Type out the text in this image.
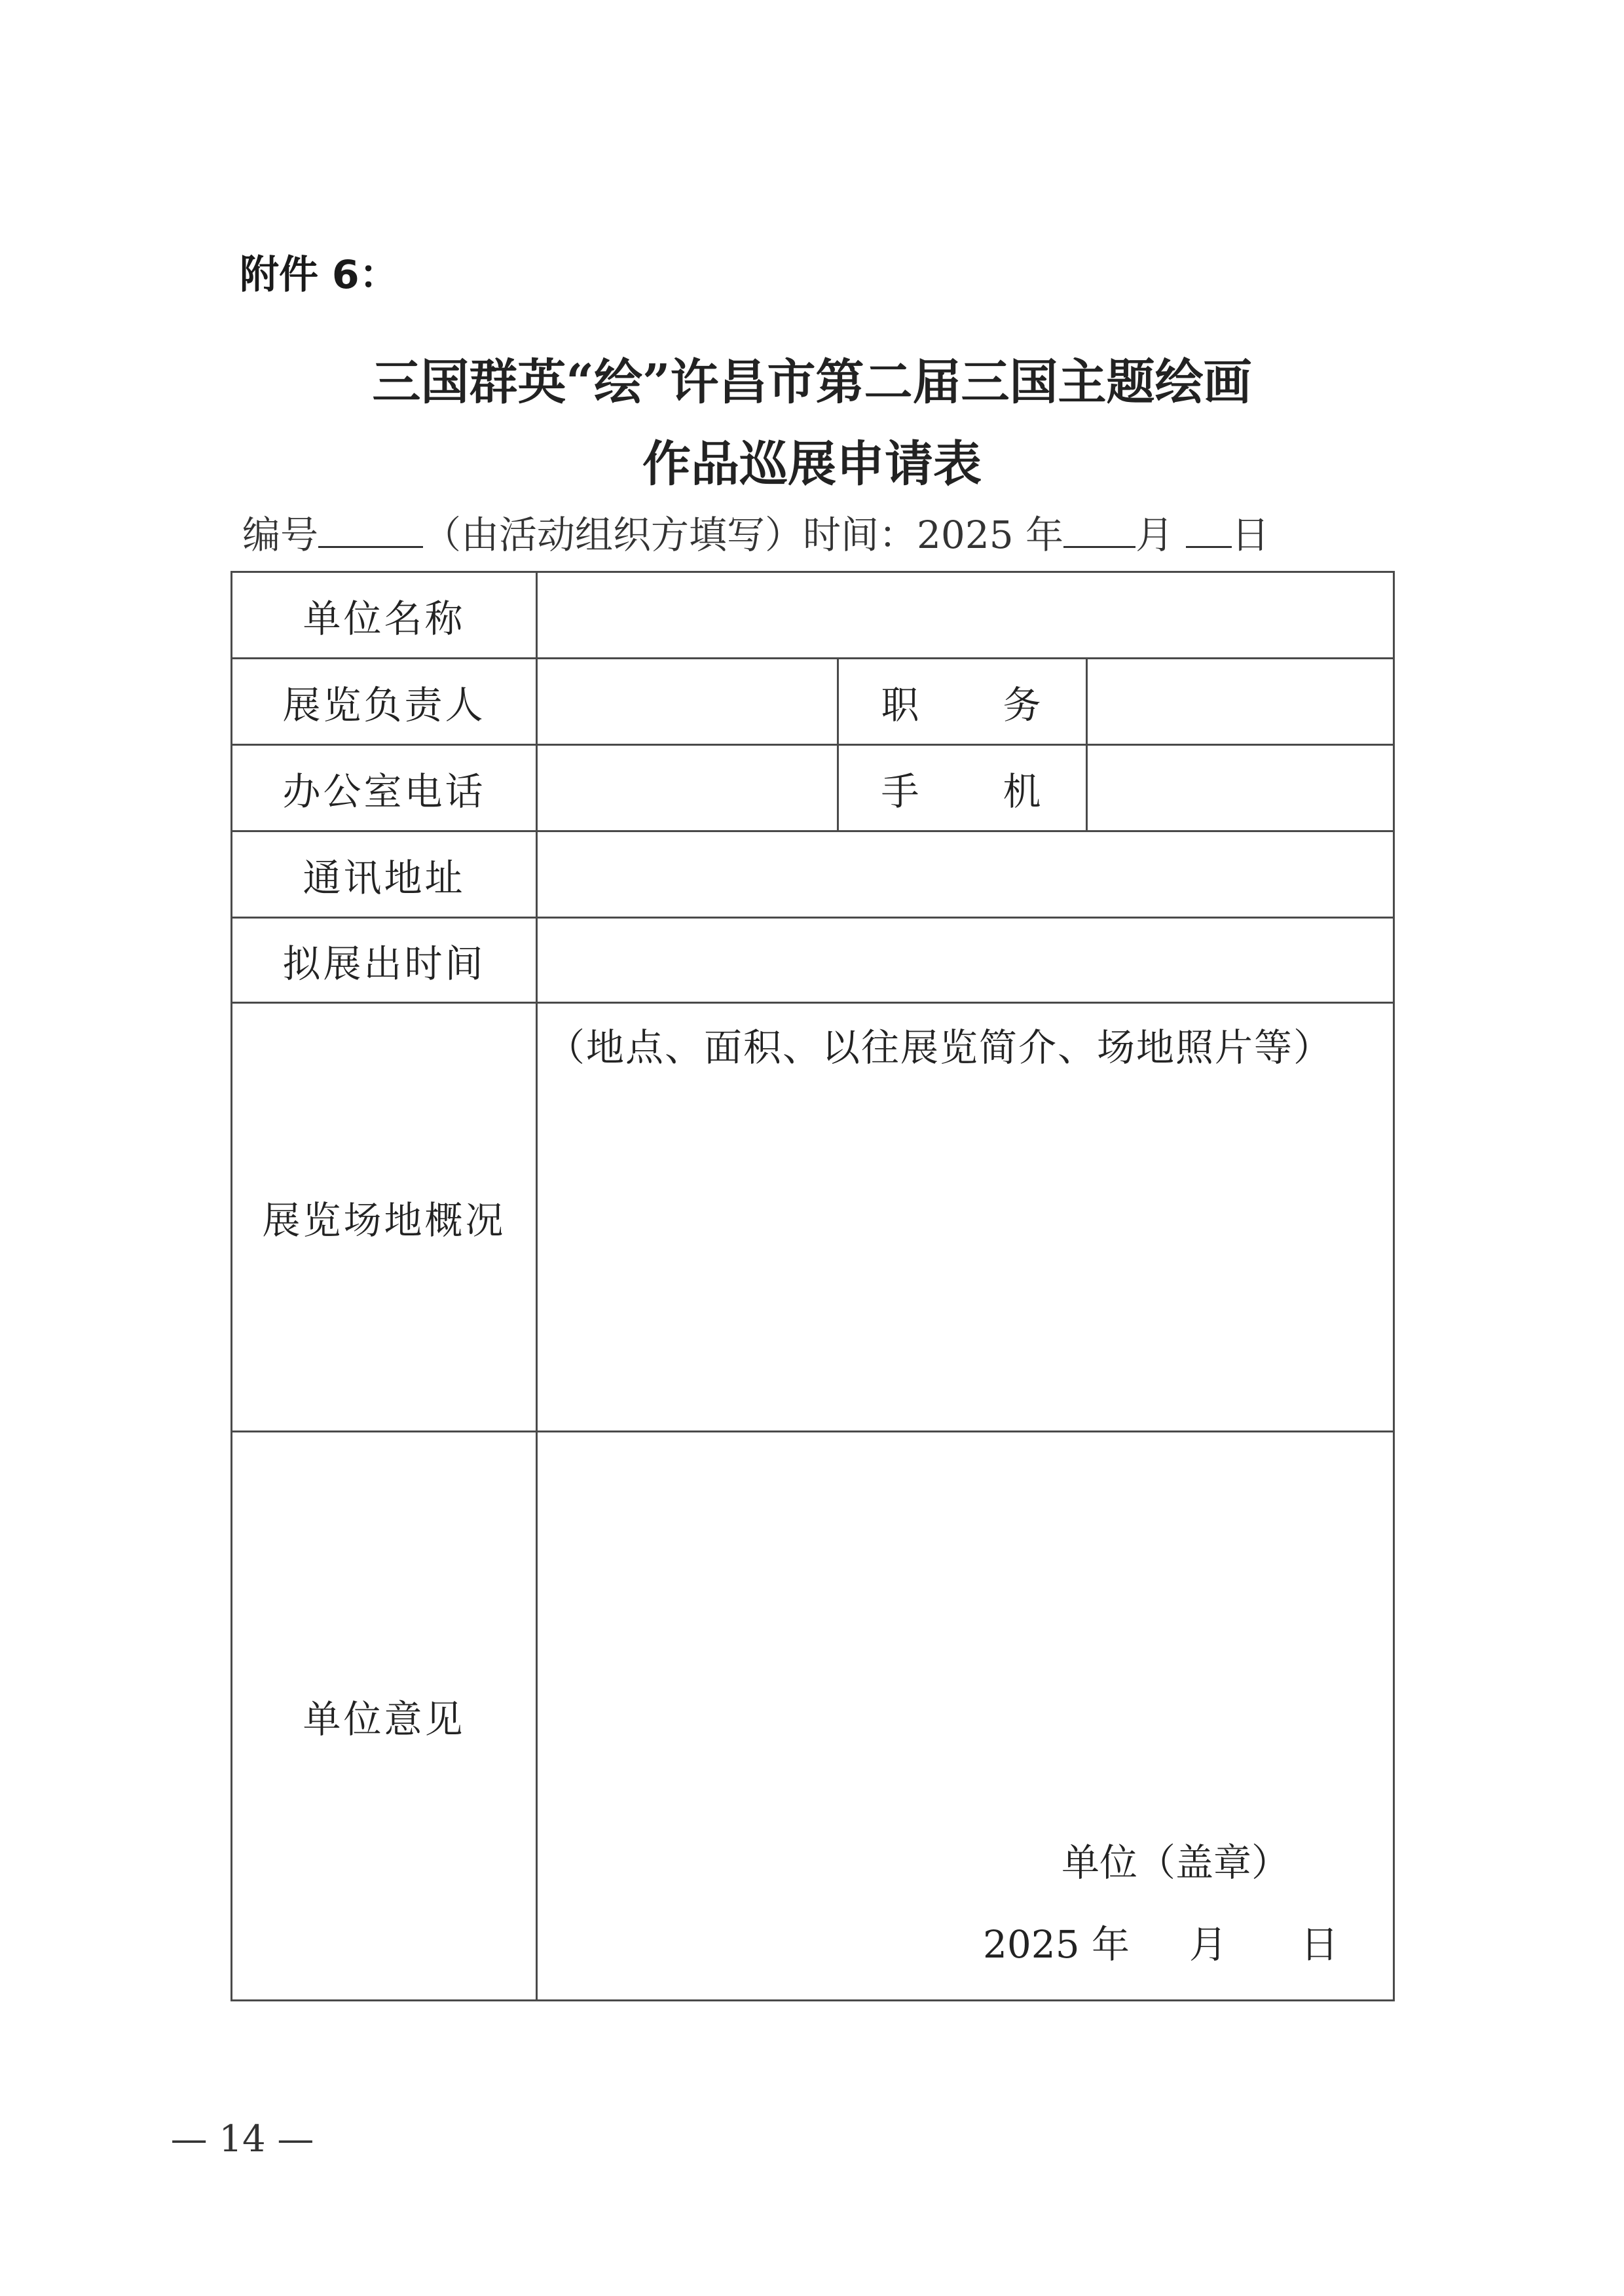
附件 6：
三国群英“绘”许昌市第二届三国主题绘画
作品巡展申请表
编号	（由活动组织方填写）时间：2025 年 月 日
单位名称			
展览负责人		职　　务	
办公室电话		手　　机	
通讯地址			
拟展出时间			
展览场地概况	（地点、面积、以往展览简介、场地照片等）		
单位意见	单位（盖章）
2025 年 月 日		
— 14 —
